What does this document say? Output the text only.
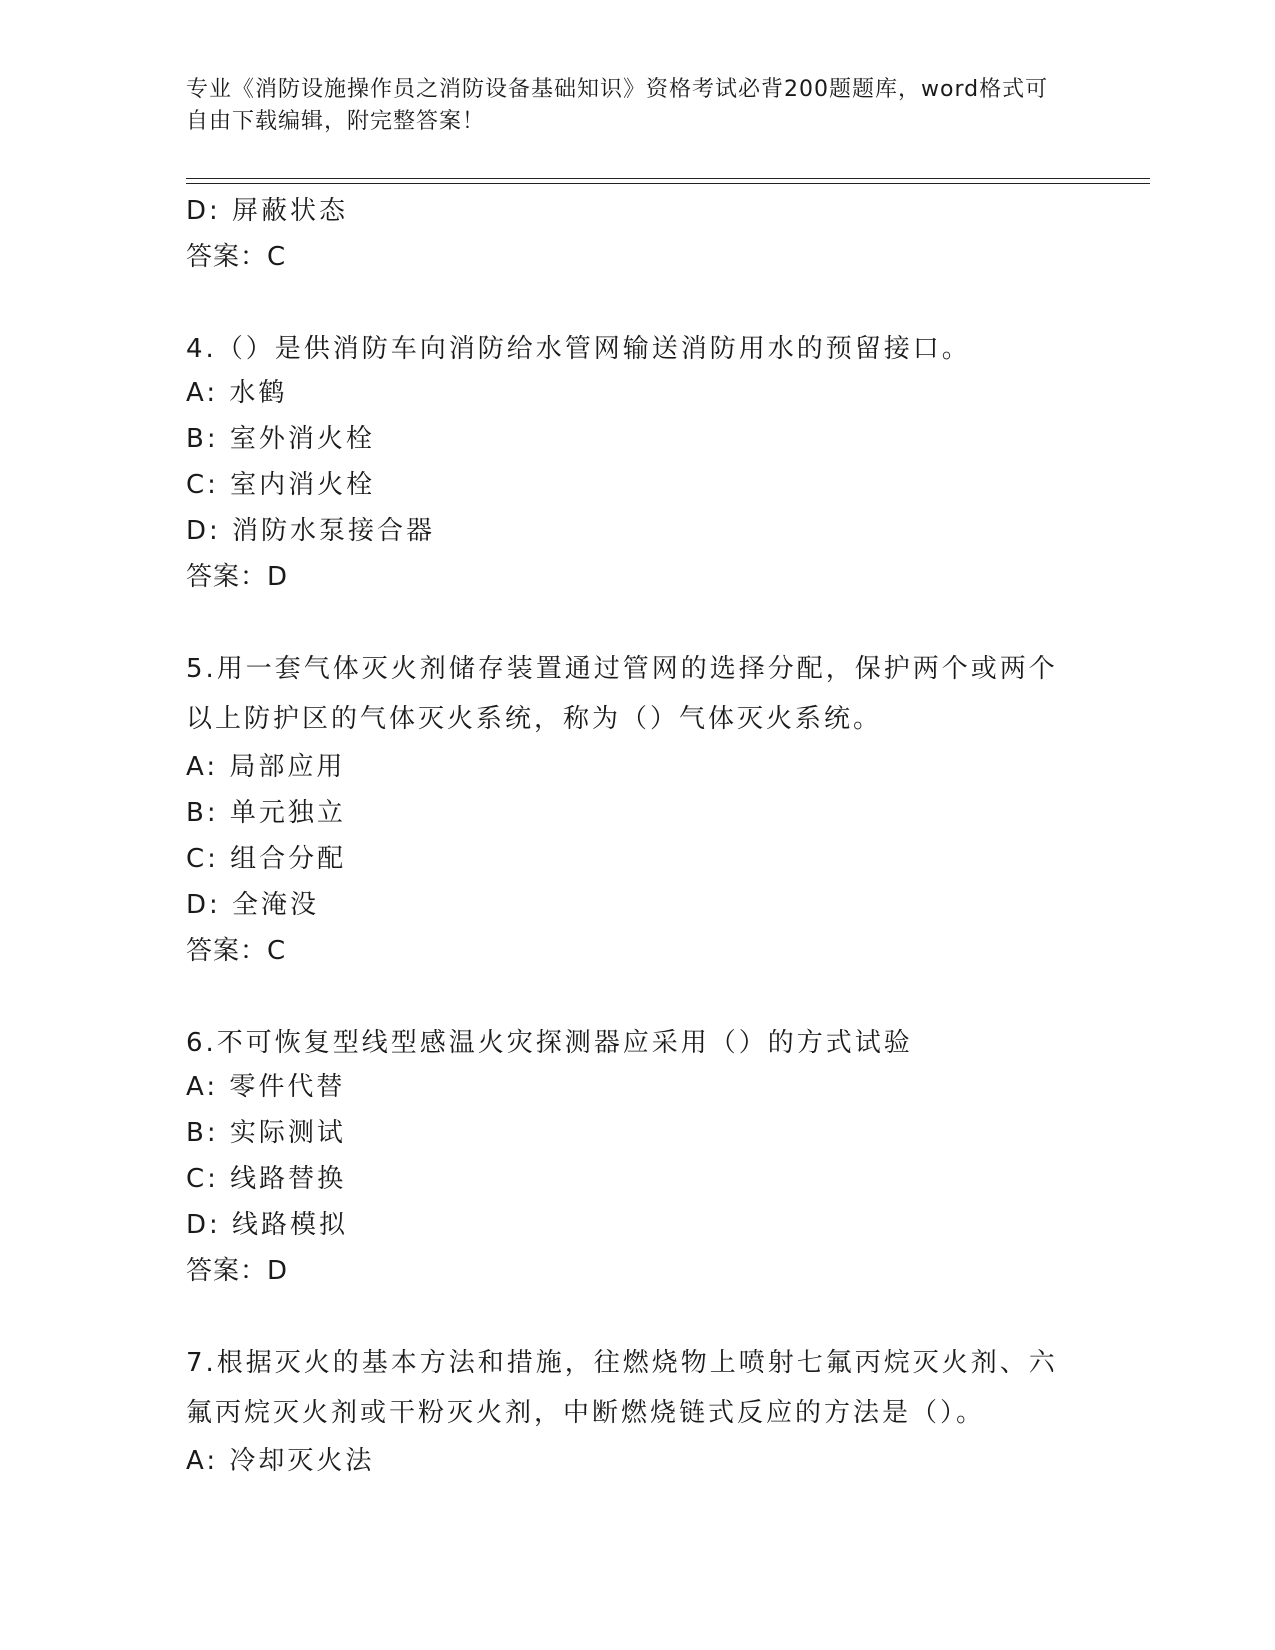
专业《消防设施操作员之消防设备基础知识》资格考试必背200题题库，word格式可自由下载编辑，附完整答案！
D: 屏蔽状态
答案：C
4.（）是供消防车向消防给水管网输送消防用水的预留接口。
A: 水鹤
B: 室外消火栓
C: 室内消火栓
D: 消防水泵接合器
答案：D
5.用一套气体灭火剂储存装置通过管网的选择分配，保护两个或两个以上防护区的气体灭火系统，称为（）气体灭火系统。
A: 局部应用
B: 单元独立
C: 组合分配
D: 全淹没
答案：C
6.不可恢复型线型感温火灾探测器应采用（）的方式试验
A: 零件代替
B: 实际测试
C: 线路替换
D: 线路模拟
答案：D
7.根据灭火的基本方法和措施，往燃烧物上喷射七氟丙烷灭火剂、六氟丙烷灭火剂或干粉灭火剂，中断燃烧链式反应的方法是（）。
A: 冷却灭火法
